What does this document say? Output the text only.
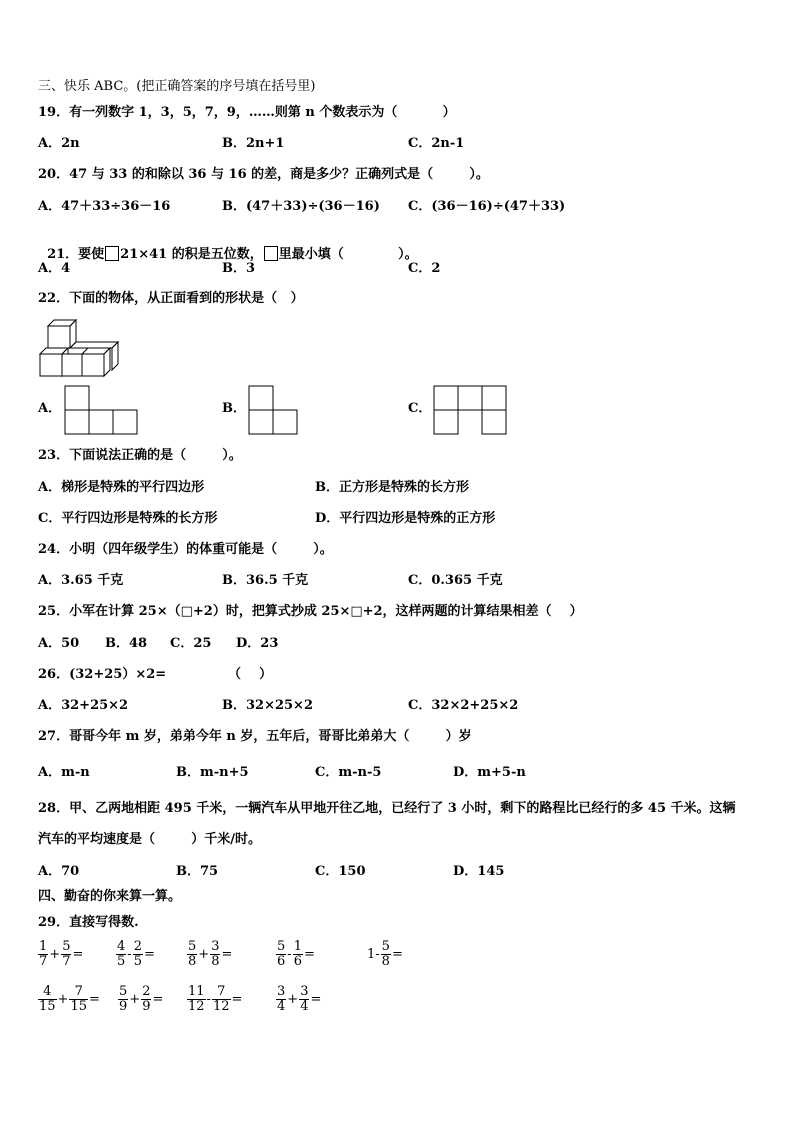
三、快乐 ABC。(把正确答案的序号填在括号里)
19．有一列数字 1，3，5，7，9，……则第 n 个数表示为（          ）
A．2n	B．2n+1	C．2n-1
20．47 与 33 的和除以 36 与 16 的差，商是多少？正确列式是（        ）。
A．47＋33÷36－16	B．(47＋33)÷(36－16) C．(36－16)÷(47＋33)

21．要使 21×41 的积是五位数， 里最小填（            ）。

A．4	B．3	C．2
22．下面的物体，从正面看到的形状是（   ）
A．	B．	C．
23．下面说法正确的是（        ）。
A．梯形是特殊的平行四边形	B．正方形是特殊的长方形
C．平行四边形是特殊的长方形	D．平行四边形是特殊的正方形
24．小明（四年级学生）的体重可能是（        ）。
A．3.65 千克	B．36.5 千克	C．0.365 千克
25．小军在计算 25×（□+2）时，把算式抄成 25×□+2，这样两题的计算结果相差（    ）
A．50 B．48 C．25 D．23
26．(32+25）×2=	（    ）
A．32+25×2	B．32×25×2	C．32×2+25×2
27．哥哥今年 m 岁，弟弟今年 n 岁，五年后，哥哥比弟弟大（        ）岁
A．m-n	B．m-n+5	C．m-n-5	D．m+5-n
28．甲、乙两地相距 495 千米，一辆汽车从甲地开往乙地，已经行了 3 小时，剩下的路程比已经行的多 45 千米。这辆
汽车的平均速度是（        ）千米/时。
A．70	B．75	C．150	D．145
四、勤奋的你来算一算。
29．直接写得数.
$\frac{1}{7} + \frac{5}{7}$ =	$\frac{4}{5} - \frac{2}{5} = \frac{5}{8} + \frac{3}{8}$ =	$\frac{5}{6} - \frac{1}{6}$ =	$1- \frac{5}{8}$ =
$\frac{4}{15} + \frac{7}{15} = \frac{5}{9} + \frac{2}{9} = \frac{11}{12} - \frac{7}{12}$ =	$\frac{3}{4} + \frac{3}{4}$ =
